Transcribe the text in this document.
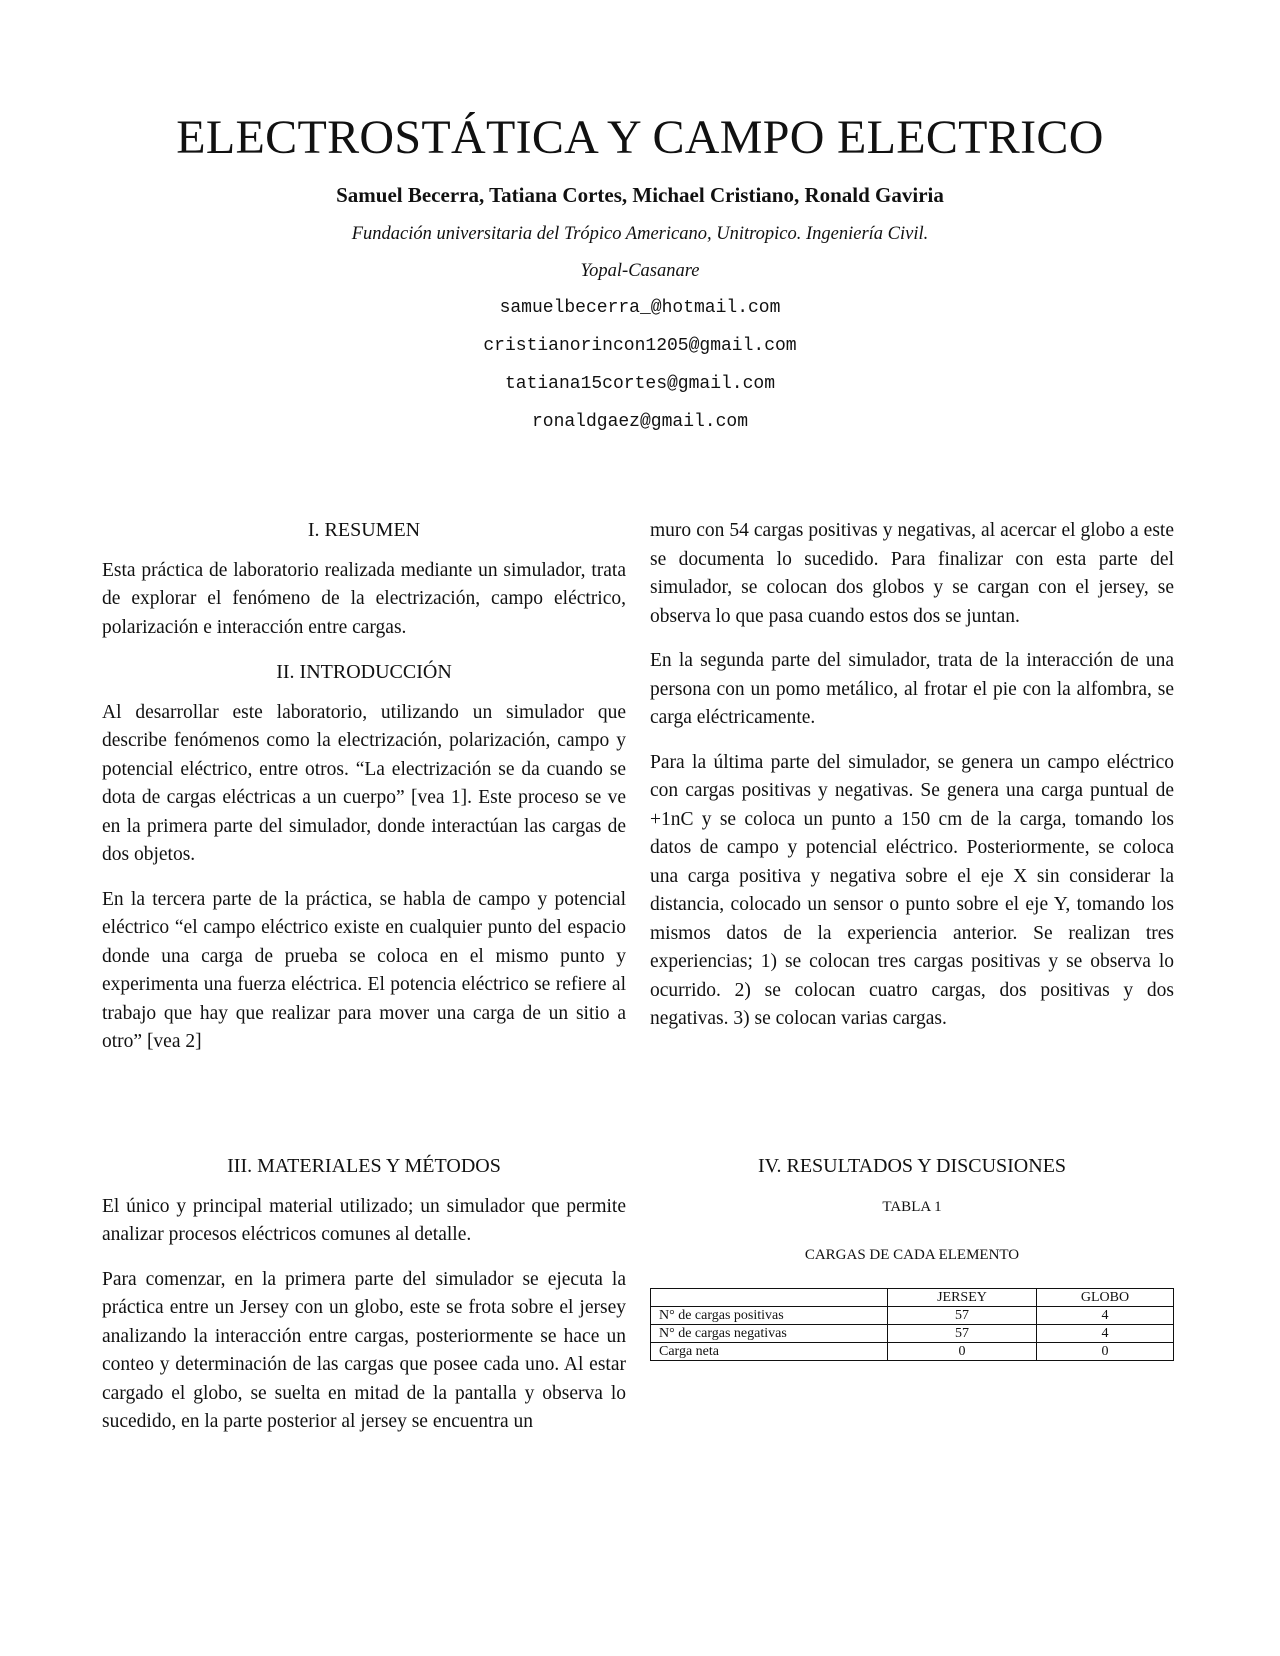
ELECTROSTÁTICA Y CAMPO ELECTRICO
Samuel Becerra, Tatiana Cortes, Michael Cristiano, Ronald Gaviria
Fundación universitaria del Trópico Americano, Unitropico. Ingeniería Civil.
Yopal-Casanare
samuelbecerra_@hotmail.com
cristianorincon1205@gmail.com
tatiana15cortes@gmail.com
ronaldgaez@gmail.com
I. RESUMEN

Esta práctica de laboratorio realizada mediante un simulador, trata de explorar el fenómeno de la electrización, campo eléctrico, polarización e interacción entre cargas.

II. INTRODUCCIÓN

Al desarrollar este laboratorio, utilizando un simulador que describe fenómenos como la electrización, polarización, campo y potencial eléctrico, entre otros. “La electrización se da cuando se dota de cargas eléctricas a un cuerpo” [vea 1]. Este proceso se ve en la primera parte del simulador, donde interactúan las cargas de dos objetos.

En la tercera parte de la práctica, se habla de campo y potencial eléctrico “el campo eléctrico existe en cualquier punto del espacio donde una carga de prueba se coloca en el mismo punto y experimenta una fuerza eléctrica. El potencia eléctrico se refiere al trabajo que hay que realizar para mover una carga de un sitio a otro” [vea 2]

muro con 54 cargas positivas y negativas, al acercar el globo a este se documenta lo sucedido. Para finalizar con esta parte del simulador, se colocan dos globos y se cargan con el jersey, se observa lo que pasa cuando estos dos se juntan.

En la segunda parte del simulador, trata de la interacción de una persona con un pomo metálico, al frotar el pie con la alfombra, se carga eléctricamente.

Para la última parte del simulador, se genera un campo eléctrico con cargas positivas y negativas. Se genera una carga puntual de +1nC y se coloca un punto a 150 cm de la carga, tomando los datos de campo y potencial eléctrico. Posteriormente, se coloca una carga positiva y negativa sobre el eje X sin considerar la distancia, colocado un sensor o punto sobre el eje Y, tomando los mismos datos de la experiencia anterior. Se realizan tres experiencias; 1) se colocan tres cargas positivas y se observa lo ocurrido. 2) se colocan cuatro cargas, dos positivas y dos negativas. 3) se colocan varias cargas.

III. MATERIALES Y MÉTODOS

El único y principal material utilizado; un simulador que permite analizar procesos eléctricos comunes al detalle.

Para comenzar, en la primera parte del simulador se ejecuta la práctica entre un Jersey con un globo, este se frota sobre el jersey analizando la interacción entre cargas, posteriormente se hace un conteo y determinación de las cargas que posee cada uno. Al estar cargado el globo, se suelta en mitad de la pantalla y observa lo sucedido, en la parte posterior al jersey se encuentra un

IV. RESULTADOS Y DISCUSIONES
TABLA 1
CARGAS DE CADA ELEMENTO
	JERSEY	GLOBO
N° de cargas positivas	57	4
N° de cargas negativas	57	4
Carga neta	0	0
